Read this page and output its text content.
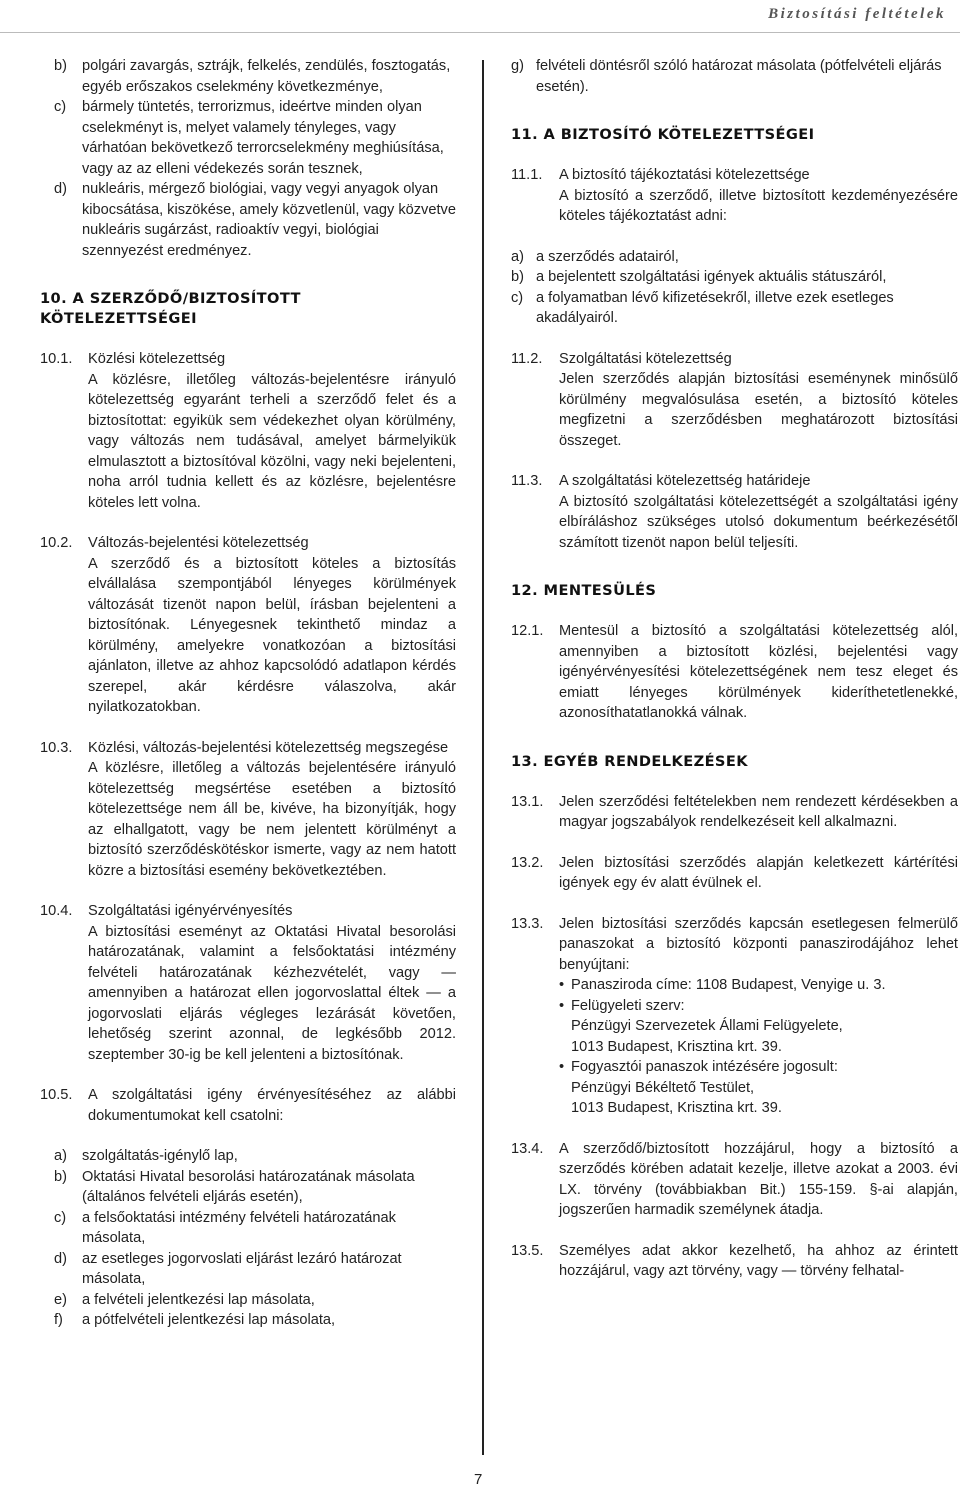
Biztosítási feltételek
b) polgári zavargás, sztrájk, felkelés, zendülés, fosztogatás, egyéb erőszakos cselekmény következménye,
c) bármely tüntetés, terrorizmus, ideértve minden olyan cselekményt is, melyet valamely tényleges, vagy várhatóan bekövetkező terrorcselekmény meghiúsítása, vagy az az elleni védekezés során tesznek,
d) nukleáris, mérgező biológiai, vagy vegyi anyagok olyan kibocsátása, kiszökése, amely közvetlenül, vagy közvetve nukleáris sugárzást, radioaktív vegyi, biológiai szennyezést eredményez.
10. A SZERZŐDŐ/BIZTOSÍTOTT KÖTELEZETTSÉGEI
10.1. Közlési kötelezettség

A közlésre, illetőleg változás-bejelentésre irányuló kötelezettség egyaránt terheli a szerződő felet és a biztosítottat: egyikük sem védekezhet olyan körülmény, vagy változás nem tudásával, amelyet bármelyikük elmulasztott a biztosítóval közölni, vagy neki bejelenteni, noha arról tudnia kellett és az közlésre, bejelentésre köteles lett volna.

10.2. Változás-bejelentési kötelezettség

A szerződő és a biztosított köteles a biztosítás elvállalása szempontjából lényeges körülmények változását tizenöt napon belül, írásban bejelenteni a biztosítónak. Lényegesnek tekinthető mindaz a körülmény, amelyekre vonatkozóan a biztosítási ajánlaton, illetve az ahhoz kapcsolódó adatlapon kérdés szerepel, akár kérdésre válaszolva, akár nyilatkozatokban.

10.3. Közlési, változás-bejelentési kötelezettség megszegése

A közlésre, illetőleg a változás bejelentésére irányuló kötelezettség megsértése esetében a biztosító kötelezettsége nem áll be, kivéve, ha bizonyítják, hogy az elhallgatott, vagy be nem jelentett körülményt a biztosító szerződéskötéskor ismerte, vagy az nem hatott közre a biztosítási esemény bekövetkeztében.

10.4. Szolgáltatási igényérvényesítés

A biztosítási eseményt az Oktatási Hivatal besorolási határozatának, valamint a felsőoktatási intézmény felvételi határozatának kézhezvételét, vagy — amennyiben a határozat ellen jogorvoslattal éltek — a jogorvoslati eljárás végleges lezárását követően, lehetőség szerint azonnal, de legkésőbb 2012. szeptember 30-ig be kell jelenteni a biztosítónak.

10.5. A szolgáltatási igény érvényesítéséhez az alábbi dokumentumokat kell csatolni:

a) szolgáltatás-igénylő lap,
b) Oktatási Hivatal besorolási határozatának másolata (általános felvételi eljárás esetén),
c) a felsőoktatási intézmény felvételi határozatának másolata,
d) az esetleges jogorvoslati eljárást lezáró határozat másolata,
e) a felvételi jelentkezési lap másolata,
f) a pótfelvételi jelentkezési lap másolata,
g) felvételi döntésről szóló határozat másolata (pótfelvételi eljárás esetén).
11. A BIZTOSÍTÓ KÖTELEZETTSÉGEI
11.1. A biztosító tájékoztatási kötelezettsége

A biztosító a szerződő, illetve biztosított kezdeményezésére köteles tájékoztatást adni:

a) a szerződés adatairól,
b) a bejelentett szolgáltatási igények aktuális státuszáról,
c) a folyamatban lévő kifizetésekről, illetve ezek esetleges akadályairól.
11.2. Szolgáltatási kötelezettség

Jelen szerződés alapján biztosítási eseménynek minősülő körülmény megvalósulása esetén, a biztosító köteles megfizetni a szerződésben meghatározott biztosítási összeget.

11.3. A szolgáltatási kötelezettség határideje

A biztosító szolgáltatási kötelezettségét a szolgáltatási igény elbíráláshoz szükséges utolsó dokumentum beérkezésétől számított tizenöt napon belül teljesíti.

12. MENTESÜLÉS
12.1. Mentesül a biztosító a szolgáltatási kötelezettség alól, amennyiben a biztosított közlési, bejelentési vagy igényérvényesítési kötelezettségének nem tesz eleget és emiatt lényeges körülmények kideríthetetlenekké, azonosíthatatlanokká válnak.

13. EGYÉB RENDELKEZÉSEK
13.1. Jelen szerződési feltételekben nem rendezett kérdésekben a magyar jogszabályok rendelkezéseit kell alkalmazni.

13.2. Jelen biztosítási szerződés alapján keletkezett kártérítési igények egy év alatt évülnek el.

13.3. Jelen biztosítási szerződés kapcsán esetlegesen felmerülő panaszokat a biztosító központi panaszirodájához lehet benyújtani:

• Panasziroda címe: 1108 Budapest, Venyige u. 3.
• Felügyeleti szerv:
Pénzügyi Szervezetek Állami Felügyelete,
1013 Budapest, Krisztina krt. 39.
• Fogyasztói panaszok intézésére jogosult:
Pénzügyi Békéltető Testület,
1013 Budapest, Krisztina krt. 39.
13.4. A szerződő/biztosított hozzájárul, hogy a biztosító a szerződés körében adatait kezelje, illetve azokat a 2003. évi LX. törvény (továbbiakban Bit.) 155-159. §-ai alapján, jogszerűen harmadik személynek átadja.

13.5. Személyes adat akkor kezelhető, ha ahhoz az érintett hozzájárul, vagy azt törvény, vagy — törvény felhatal-

7
